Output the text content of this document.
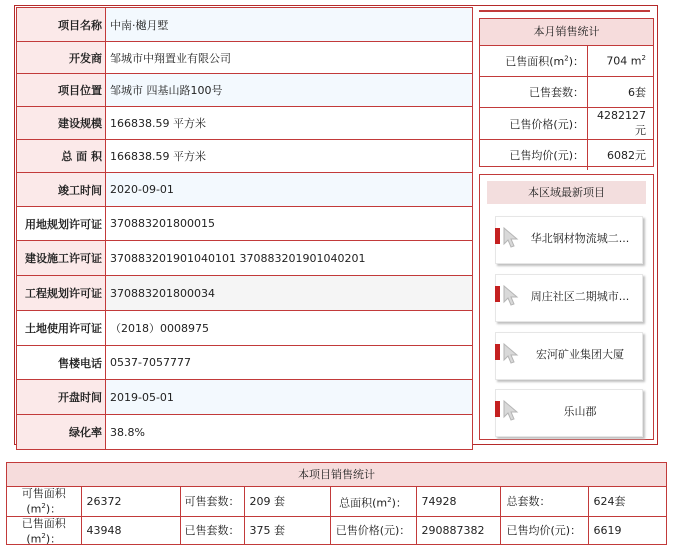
项目名称	中南·樾月墅
开发商	邹城市中翔置业有限公司
项目位置	邹城市 四基山路100号
建设规模	166838.59 平方米
总 面 积	166838.59 平方米
竣工时间	2020-09-01
用地规划许可证	370883201800015
建设施工许可证	370883201901040101 370883201901040201
工程规划许可证	370883201800034
土地使用许可证	（2018）0008975
售楼电话	0537-7057777
开盘时间	2019-05-01
绿化率	38.8%
本月销售统计
已售面积$(m^2)$：	704 $m^2$
已售套数：	6套
已售价格(元)：	4282127元
已售均价(元)：	6082元
本区域最新项目
华北钢材物流城二...
周庄社区二期城市...
宏河矿业集团大厦
乐山郡
本项目销售统计
可售面积
$(m^2)$：	26372	可售套数：	209 套	总面积$(m^2)$：	74928	总套数：	624套
已售面积
$(m^2)$：	43948	已售套数：	375 套	已售价格(元)：	290887382	已售均价(元)：	6619
